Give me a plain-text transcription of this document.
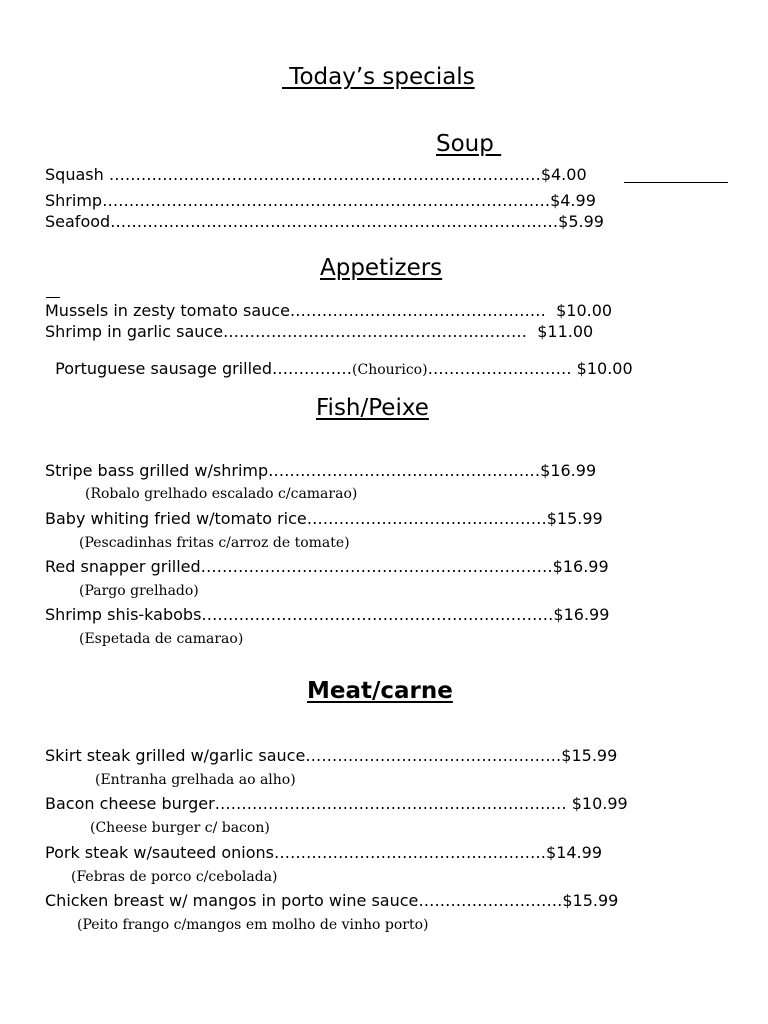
Today’s specials
Soup
Squash ………………………………………………………………………$4.00
Shrimp…………………………………………………………………………$4.99
Seafood…………………………………………………………………………$5.99
Appetizers
Mussels in zesty tomato sauce…………………………………………  $10.00
Shrimp in garlic sauce…………………………………………………  $11.00

Portuguese sausage grilled……………(Chourico)……………………… $10.00

Fish/Peixe
Stripe bass grilled w/shrimp……………………………………………$16.99
(Robalo grelhado escalado c/camarao)
Baby whiting fried w/tomato rice………………………………………$15.99
(Pescadinhas fritas c/arroz de tomate)
Red snapper grilled…………………………………………………………$16.99
(Pargo grelhado)
Shrimp shis-kabobs…………………………………………………………$16.99
(Espetada de camarao)
Meat/carne
Skirt steak grilled w/garlic sauce…………………………………………$15.99
(Entranha grelhada ao alho)
Bacon cheese burger………………………………………………………… $10.99
(Cheese burger c/ bacon)
Pork steak w/sauteed onions……………………………………………$14.99
(Febras de porco c/cebolada)
Chicken breast w/ mangos in porto wine sauce………………………$15.99
(Peito frango c/mangos em molho de vinho porto)
